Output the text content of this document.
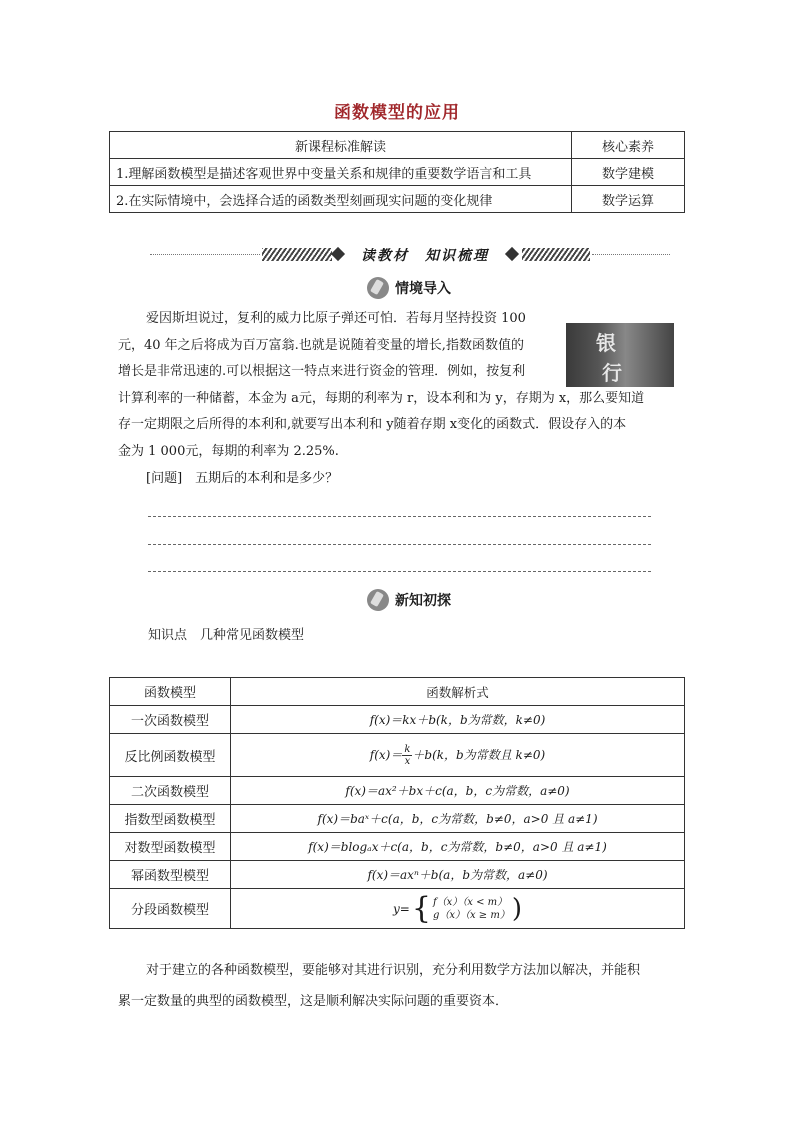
函数模型的应用
新课程标准解读	核心素养
1.理解函数模型是描述客观世界中变量关系和规律的重要数学语言和工具	数学建模
2.在实际情境中，会选择合适的函数类型刻画现实问题的变化规律	数学运算
读教材　知识梳理
情境导入

爱因斯坦说过，复利的威力比原子弹还可怕．若每月坚持投资 100

元，40 年之后将成为百万富翁.也就是说随着变量的增长,指数函数值的

增长是非常迅速的.可以根据这一特点来进行资金的管理．例如，按复利

计算利率的一种储蓄，本金为 a元，每期的利率为 r，设本利和为 y，存期为 x，那么要知道

存一定期限之后所得的本利和,就要写出本利和 y随着存期 x变化的函数式．假设存入的本

金为 1 000元，每期的利率为 2.25%.

[问题]　五期后的本利和是多少？

银
行
新知初探
知识点　几种常见函数模型
函数模型	函数解析式
一次函数模型	f(x)＝kx＋b(k，b为常数，k≠0)
反比例函数模型	$f(x)= \frac{k}{x} +b(k$，b为常数且 k≠0)
二次函数模型	f(x)＝ax²＋bx＋c(a，b，c为常数，a≠0)
指数型函数模型	f(x)＝baˣ＋c(a，b，c为常数，b≠0，a>0 且 a≠1)
对数型函数模型	f(x)＝blogₐx＋c(a，b，c为常数，b≠0，a>0 且 a≠1)
幂函数型模型	f(x)＝axⁿ＋b(a，b为常数，a≠0)
分段函数模型	y= { f（x）（x < m）
g（x）（x ≥ m） )
对于建立的各种函数模型，要能够对其进行识别，充分利用数学方法加以解决，并能积
累一定数量的典型的函数模型，这是顺利解决实际问题的重要资本．
